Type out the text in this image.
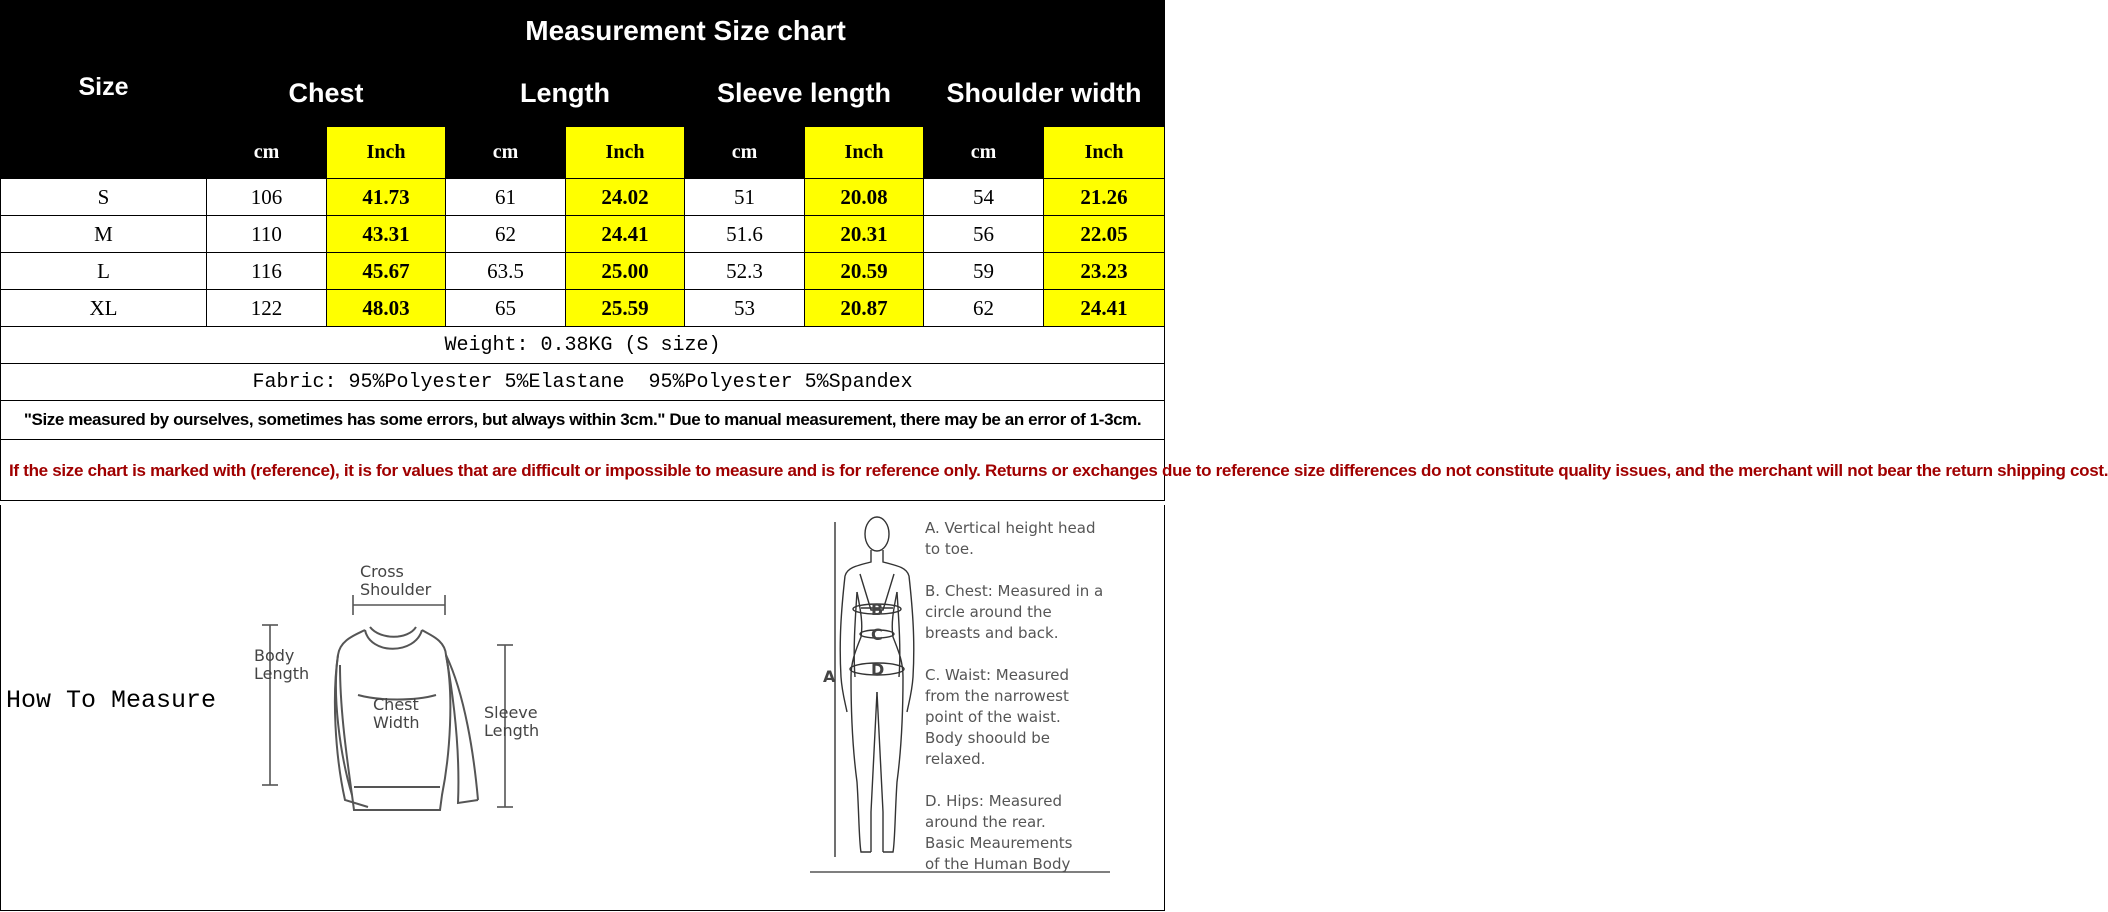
Size	Measurement Size chart							
	Chest		Length		Sleeve length		Shoulder width	
	cm	Inch	cm	Inch	cm	Inch	cm	Inch
S	106	41.73	61	24.02	51	20.08	54	21.26
M	110	43.31	62	24.41	51.6	20.31	56	22.05
L	116	45.67	63.5	25.00	52.3	20.59	59	23.23
XL	122	48.03	65	25.59	53	20.87	62	24.41
Weight: 0.38KG (S size)								
Fabric: 95%Polyester 5%Elastane  95%Polyester 5%Spandex								
"Size measured by ourselves, sometimes has some errors, but always within 3cm." Due to manual measurement, there may be an error of 1-3cm.								
If the size chart is marked with (reference), it is for values that are difficult or impossible to measure and is for reference only. Returns or exchanges due to reference size differences do not constitute quality issues, and the merchant will not bear the return shipping cost.								
How To Measure
Cross
Shoulder
Body
Length
Chest
Width
Sleeve
Length
A
B
C
D

A. Vertical height head
to toe.

B. Chest: Measured in a
circle around the
breasts and back.

C. Waist: Measured
from the narrowest
point of the waist.
Body shoould be
relaxed.

D. Hips: Measured
around the rear.
Basic Meaurements
of the Human Body
